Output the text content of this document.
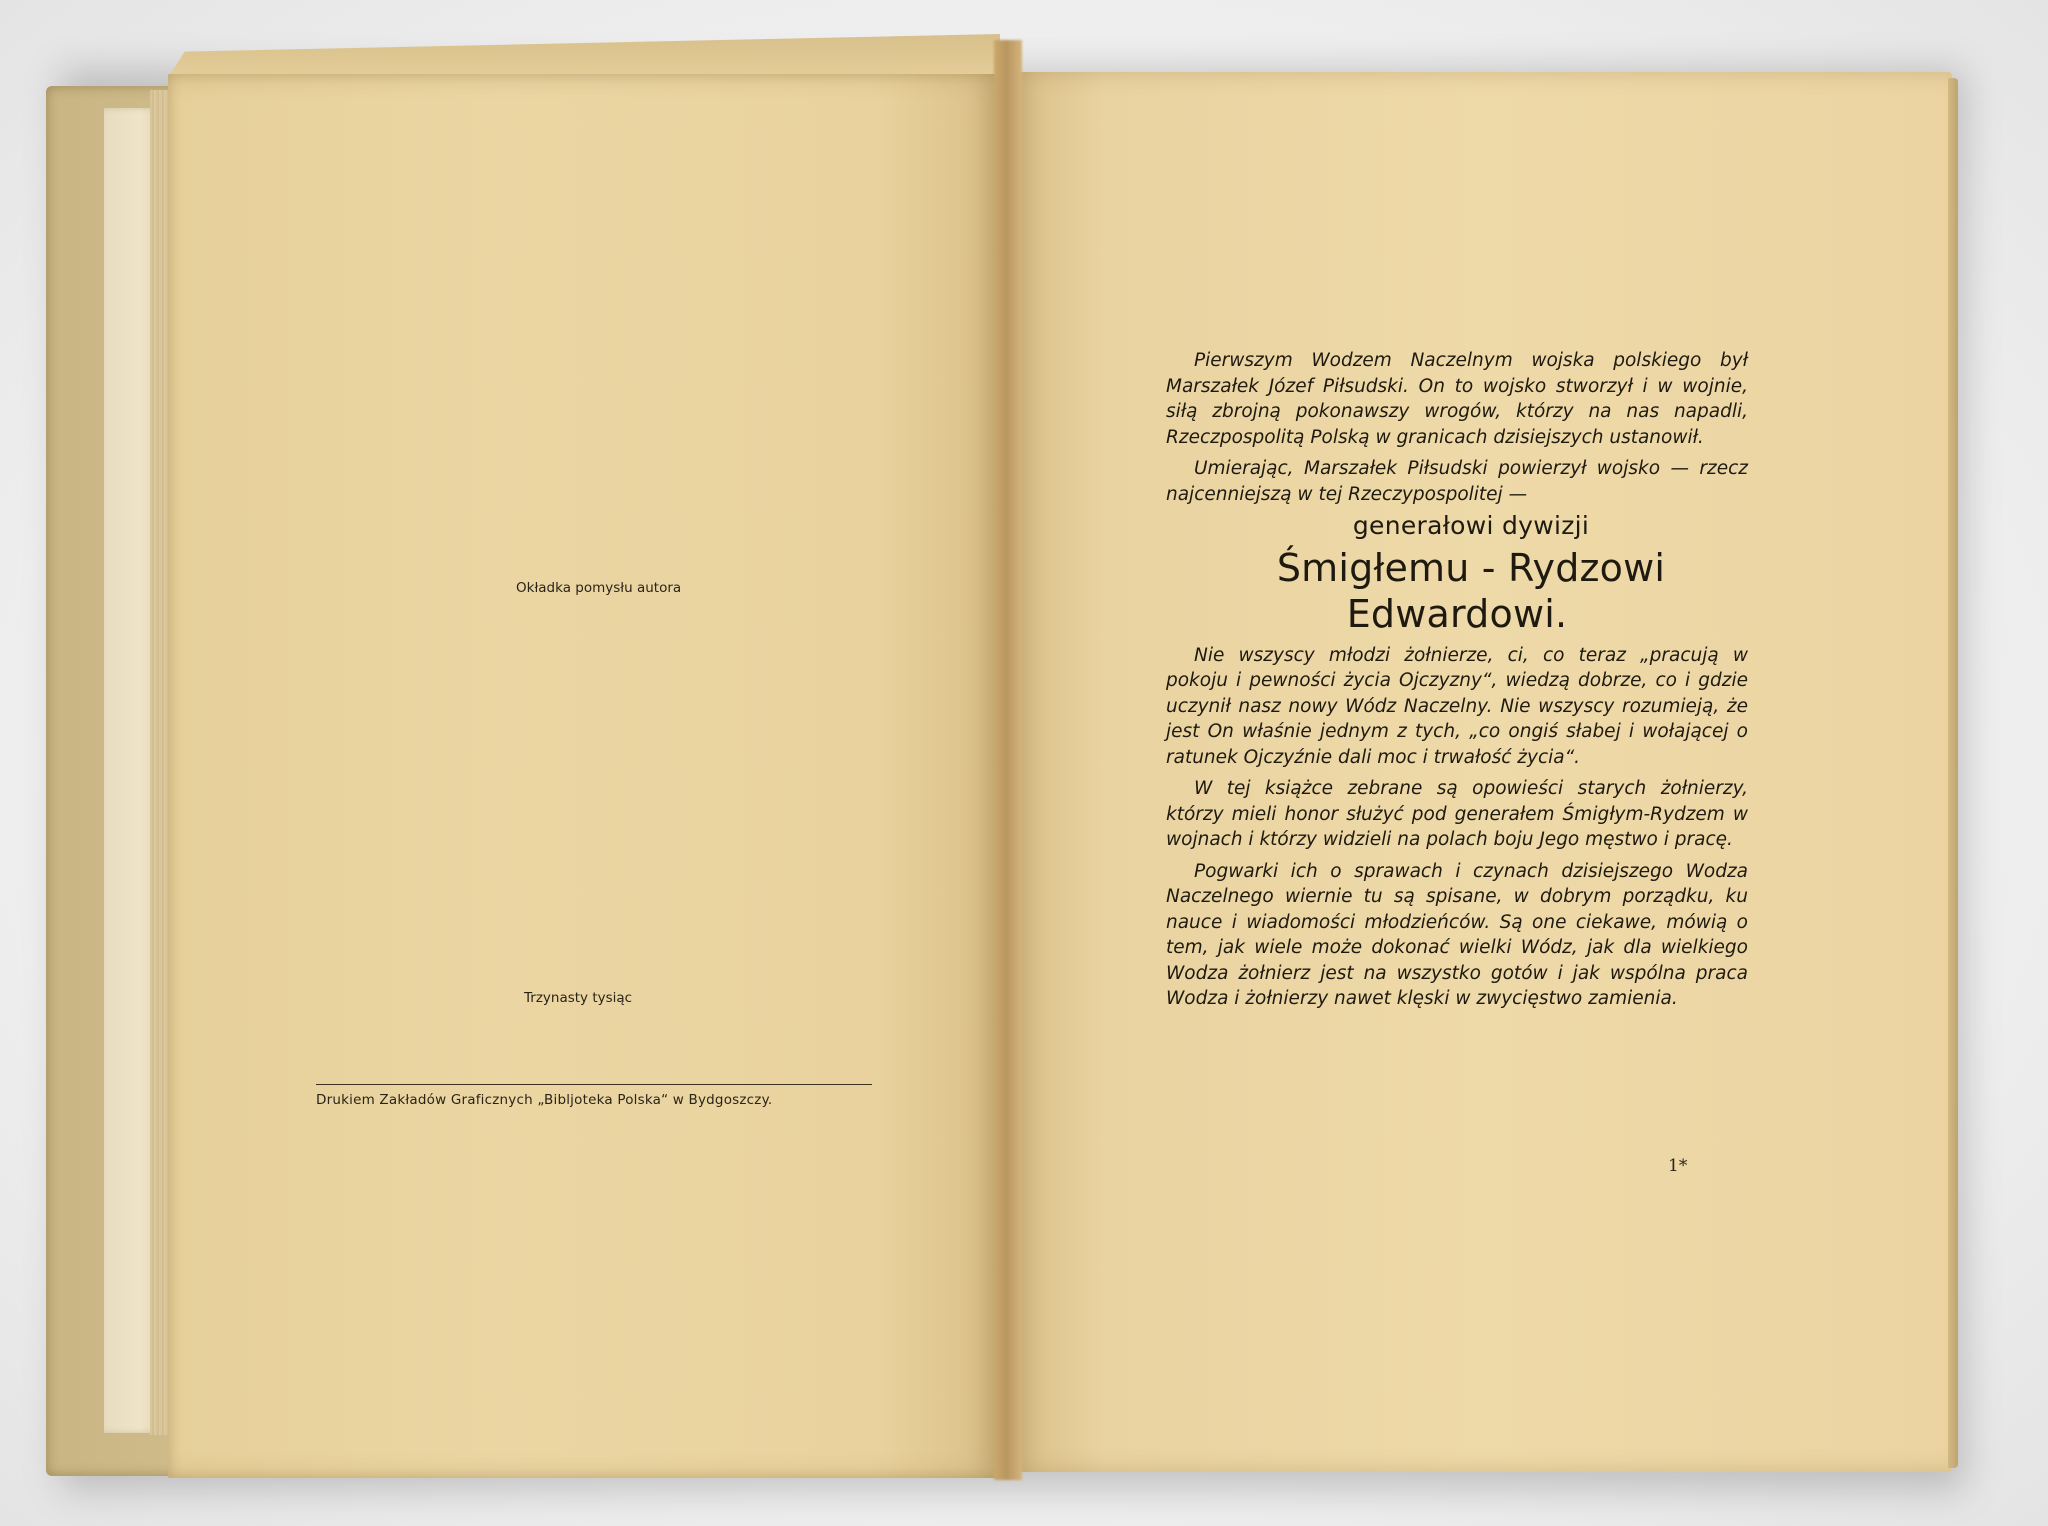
Okładka pomysłu autora
Trzynasty tysiąc
Drukiem Zakładów Graficznych „Bibljoteka Polska“ w Bydgoszczy.

Pierwszym Wodzem Naczelnym wojska polskiego był Marszałek Józef Piłsudski. On to wojsko stworzył i w wojnie, siłą zbrojną pokonawszy wrogów, którzy na nas napadli, Rzeczpospolitą Polską w granicach dzisiejszych ustanowił.

Umierając, Marszałek Piłsudski powierzył wojsko — rzecz najcenniejszą w tej Rzeczypospolitej —

generałowi dywizji

Śmigłemu - Rydzowi Edwardowi.

Nie wszyscy młodzi żołnierze, ci, co teraz „pracują w pokoju i pewności życia Ojczyzny“, wiedzą dobrze, co i gdzie uczynił nasz nowy Wódz Naczelny. Nie wszyscy rozumieją, że jest On właśnie jednym z tych, „co ongiś słabej i wołającej o ratunek Ojczyźnie dali moc i trwałość życia“.

W tej książce zebrane są opowieści starych żołnierzy, którzy mieli honor służyć pod generałem Śmigłym-Rydzem w wojnach i którzy widzieli na polach boju Jego męstwo i pracę.

Pogwarki ich o sprawach i czynach dzisiejszego Wodza Naczelnego wiernie tu są spisane, w dobrym porządku, ku nauce i wiadomości młodzieńców. Są one ciekawe, mówią o tem, jak wiele może dokonać wielki Wódz, jak dla wielkiego Wodza żołnierz jest na wszystko gotów i jak wspólna praca Wodza i żołnierzy nawet klęski w zwycięstwo zamienia.

1*
